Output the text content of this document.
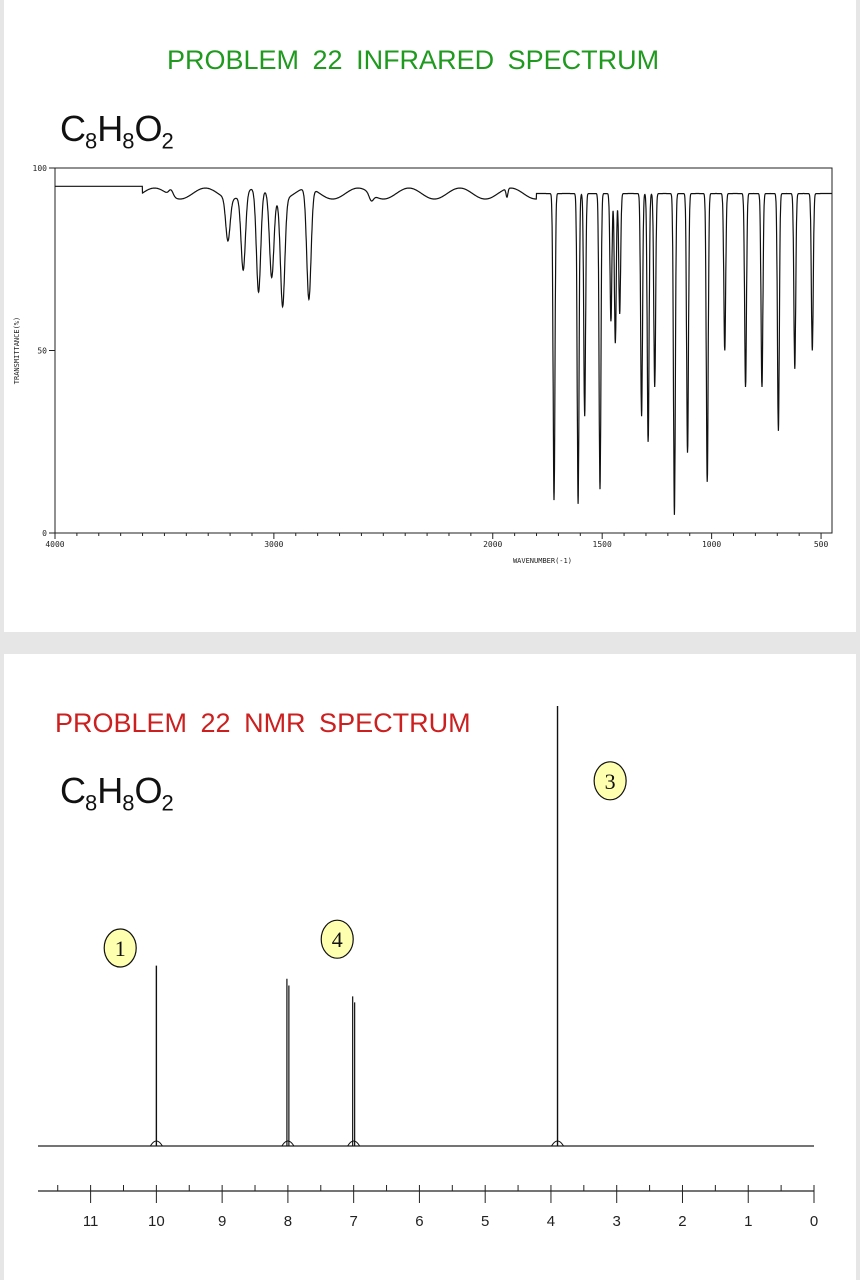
PROBLEM 22 INFRARED SPECTRUM
$C_8H_8O_2$
4000	3000	2000	1500	1000	500
0
50
100
WAVENUMBER(-1)
TRANSMITTANCE(%)
PROBLEM 22 NMR SPECTRUM
$C_8H_8O_2$
1	4
3
11	10	9	8	7	6	5	4	3	2	1	0
